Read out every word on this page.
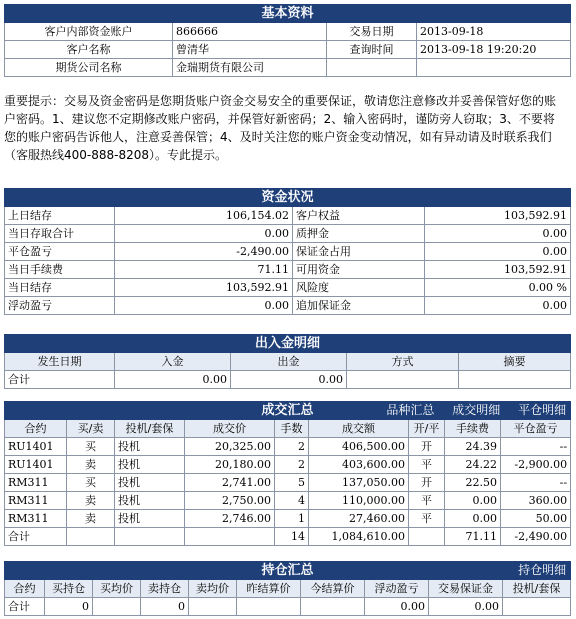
基本资料			
客户内部资金账户	866666	交易日期	2013-09-18
客户名称	曾清华	查询时间	2013-09-18 19:20:20
期货公司名称	金瑞期货有限公司		

重要提示：交易及资金密码是您期货账户资金交易安全的重要保证，敬请您注意修改并妥善保管好您的账户密码。1、建议您不定期修改账户密码，并保管好新密码；2、输入密码时，谨防旁人窃取；3、不要将您的账户密码告诉他人，注意妥善保管；4、及时关注您的账户资金变动情况，如有异动请及时联系我们（客服热线400-888-8208）。专此提示。

资金状况			
上日结存	106,154.02	客户权益	103,592.91
当日存取合计	0.00	质押金	0.00
平仓盈亏	-2,490.00	保证金占用	0.00
当日手续费	71.11	可用资金	103,592.91
当日结存	103,592.91	风险度	0.00 %
浮动盈亏	0.00	追加保证金	0.00
出入金明细				
发生日期	入金	出金	方式	摘要
合计	0.00	0.00		
成交汇总 品种汇总 成交明细 平仓明细								

合约	买/卖	投机/套保	成交价	手数	成交额	开/平	手续费	平仓盈亏
RU1401	买	投机	20,325.00	2	406,500.00	开	24.39	--
RU1401	卖	投机	20,180.00	2	403,600.00	平	24.22	-2,900.00
RM311	买	投机	2,741.00	5	137,050.00	开	22.50	--
RM311	卖	投机	2,750.00	4	110,000.00	平	0.00	360.00
RM311	卖	投机	2,746.00	1	27,460.00	平	0.00	50.00
合计				14	1,084,610.00		71.11	-2,490.00
持仓汇总 持仓明细									

合约	买持仓	买均价	卖持仓	卖均价	昨结算价	今结算价	浮动盈亏	交易保证金	投机/套保
合计	0		0				0.00	0.00	
